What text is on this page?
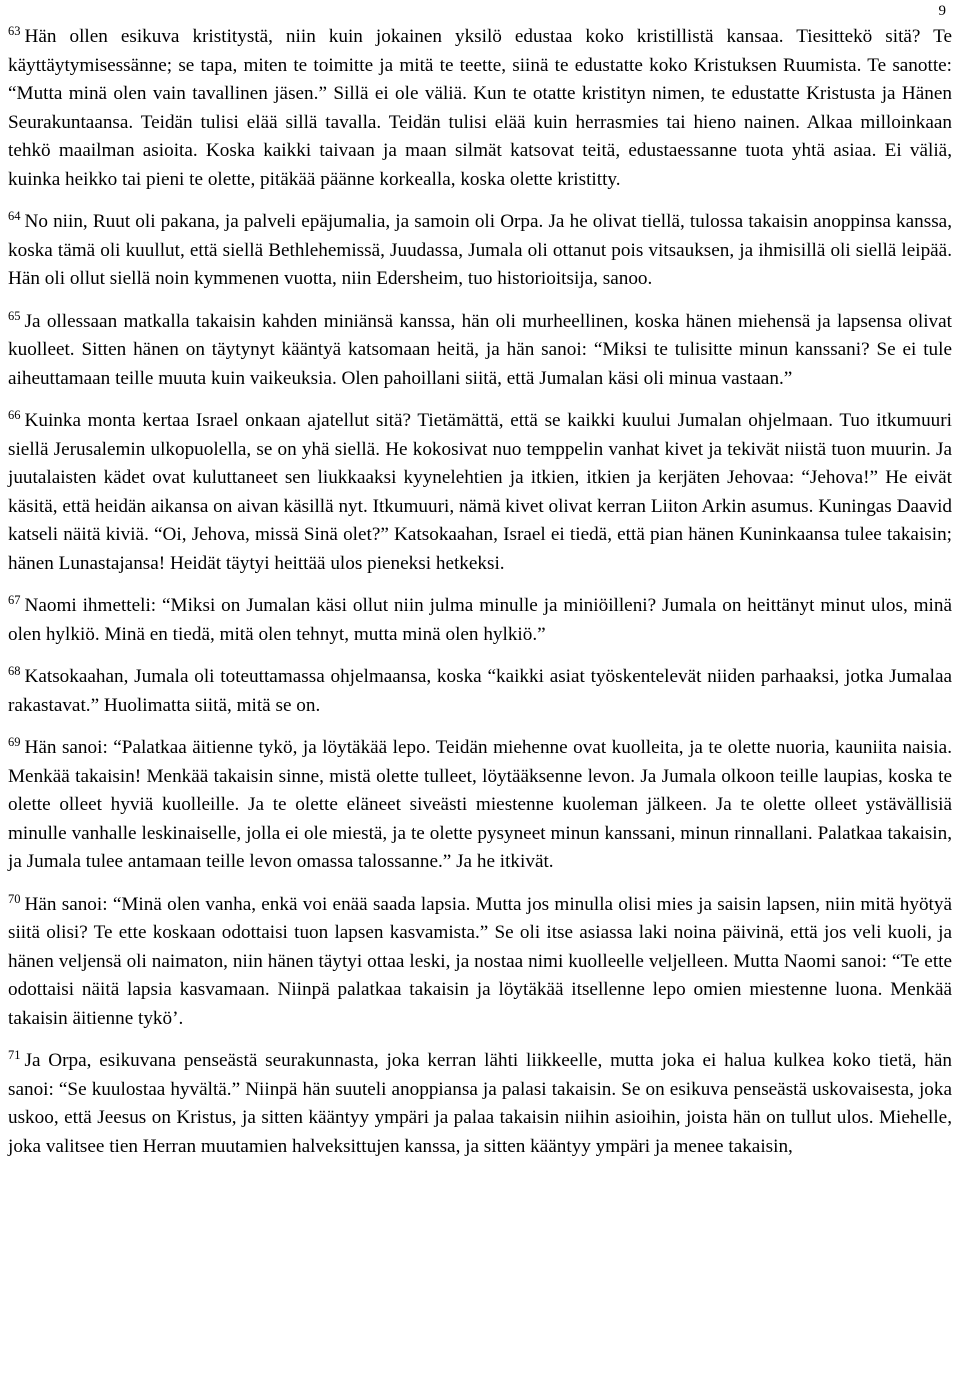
9

$^{63}$ Hän ollen esikuva kristitystä, niin kuin jokainen yksilö edustaa koko kristillistä kansaa. Tiesittekö sitä? Te käyttäytymisessänne; se tapa, miten te toimitte ja mitä te teette, siinä te edustatte koko Kristuksen Ruumista. Te sanotte: “Mutta minä olen vain tavallinen jäsen.” Sillä ei ole väliä. Kun te otatte kristityn nimen, te edustatte Kristusta ja Hänen Seurakuntaansa. Teidän tulisi elää sillä tavalla. Teidän tulisi elää kuin herrasmies tai hieno nainen. Alkaa milloinkaan tehkö maailman asioita. Koska kaikki taivaan ja maan silmät katsovat teitä, edustaessanne tuota yhtä asiaa. Ei väliä, kuinka heikko tai pieni te olette, pitäkää päänne korkealla, koska olette kristitty.

$^{64}$ No niin, Ruut oli pakana, ja palveli epäjumalia, ja samoin oli Orpa. Ja he olivat tiellä, tulossa takaisin anoppinsa kanssa, koska tämä oli kuullut, että siellä Bethlehemissä, Juudassa, Jumala oli ottanut pois vitsauksen, ja ihmisillä oli siellä leipää. Hän oli ollut siellä noin kymmenen vuotta, niin Edersheim, tuo historioitsija, sanoo.

$^{65}$ Ja ollessaan matkalla takaisin kahden miniänsä kanssa, hän oli murheellinen, koska hänen miehensä ja lapsensa olivat kuolleet. Sitten hänen on täytynyt kääntyä katsomaan heitä, ja hän sanoi: “Miksi te tulisitte minun kanssani? Se ei tule aiheuttamaan teille muuta kuin vaikeuksia. Olen pahoillani siitä, että Jumalan käsi oli minua vastaan.”

$^{66}$ Kuinka monta kertaa Israel onkaan ajatellut sitä? Tietämättä, että se kaikki kuului Jumalan ohjelmaan. Tuo itkumuuri siellä Jerusalemin ulkopuolella, se on yhä siellä. He kokosivat nuo temppelin vanhat kivet ja tekivät niistä tuon muurin. Ja juutalaisten kädet ovat kuluttaneet sen liukkaaksi kyynelehtien ja itkien, itkien ja kerjäten Jehovaa: “Jehova!” He eivät käsitä, että heidän aikansa on aivan käsillä nyt. Itkumuuri, nämä kivet olivat kerran Liiton Arkin asumus. Kuningas Daavid katseli näitä kiviä. “Oi, Jehova, missä Sinä olet?” Katsokaahan, Israel ei tiedä, että pian hänen Kuninkaansa tulee takaisin; hänen Lunastajansa! Heidät täytyi heittää ulos pieneksi hetkeksi.

$^{67}$ Naomi ihmetteli: “Miksi on Jumalan käsi ollut niin julma minulle ja miniöilleni? Jumala on heittänyt minut ulos, minä olen hylkiö. Minä en tiedä, mitä olen tehnyt, mutta minä olen hylkiö.”

$^{68}$ Katsokaahan, Jumala oli toteuttamassa ohjelmaansa, koska “kaikki asiat työskentelevät niiden parhaaksi, jotka Jumalaa rakastavat.” Huolimatta siitä, mitä se on.

$^{69}$ Hän sanoi: “Palatkaa äitienne tykö, ja löytäkää lepo. Teidän miehenne ovat kuolleita, ja te olette nuoria, kauniita naisia. Menkää takaisin! Menkää takaisin sinne, mistä olette tulleet, löytääksenne levon. Ja Jumala olkoon teille laupias, koska te olette olleet hyviä kuolleille. Ja te olette eläneet siveästi miestenne kuoleman jälkeen. Ja te olette olleet ystävällisiä minulle vanhalle leskinaiselle, jolla ei ole miestä, ja te olette pysyneet minun kanssani, minun rinnallani. Palatkaa takaisin, ja Jumala tulee antamaan teille levon omassa talossanne.” Ja he itkivät.

$^{70}$ Hän sanoi: “Minä olen vanha, enkä voi enää saada lapsia. Mutta jos minulla olisi mies ja saisin lapsen, niin mitä hyötyä siitä olisi? Te ette koskaan odottaisi tuon lapsen kasvamista.” Se oli itse asiassa laki noina päivinä, että jos veli kuoli, ja hänen veljensä oli naimaton, niin hänen täytyi ottaa leski, ja nostaa nimi kuolleelle veljelleen. Mutta Naomi sanoi: “Te ette odottaisi näitä lapsia kasvamaan. Niinpä palatkaa takaisin ja löytäkää itsellenne lepo omien miestenne luona. Menkää takaisin äitienne tykö’.

$^{71}$ Ja Orpa, esikuvana penseästä seurakunnasta, joka kerran lähti liikkeelle, mutta joka ei halua kulkea koko tietä, hän sanoi: “Se kuulostaa hyvältä.” Niinpä hän suuteli anoppiansa ja palasi takaisin. Se on esikuva penseästä uskovaisesta, joka uskoo, että Jeesus on Kristus, ja sitten kääntyy ympäri ja palaa takaisin niihin asioihin, joista hän on tullut ulos. Miehelle, joka valitsee tien Herran muutamien halveksittujen kanssa, ja sitten kääntyy ympäri ja menee takaisin,
